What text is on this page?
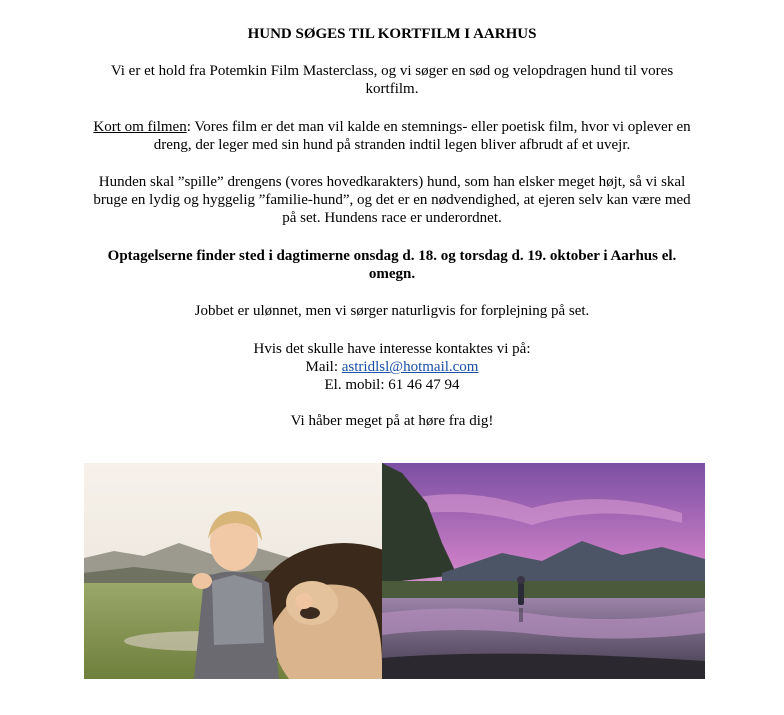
HUND SØGES TIL KORTFILM I AARHUS

Vi er et hold fra Potemkin Film Masterclass, og vi søger en sød og velopdragen hund til vores
kortfilm.

Kort om filmen: Vores film er det man vil kalde en stemnings- eller poetisk film, hvor vi oplever en
dreng, der leger med sin hund på stranden indtil legen bliver afbrudt af et uvejr.

Hunden skal ”spille” drengens (vores hovedkarakters) hund, som han elsker meget højt, så vi skal
bruge en lydig og hyggelig ”familie-hund”, og det er en nødvendighed, at ejeren selv kan være med
på set. Hundens race er underordnet.

Optagelserne finder sted i dagtimerne onsdag d. 18. og torsdag d. 19. oktober i Aarhus el.
omegn.

Jobbet er ulønnet, men vi sørger naturligvis for forplejning på set.

Hvis det skulle have interesse kontaktes vi på:
Mail: astridlsl@hotmail.com
El. mobil: 61 46 47 94

Vi håber meget på at høre fra dig!
